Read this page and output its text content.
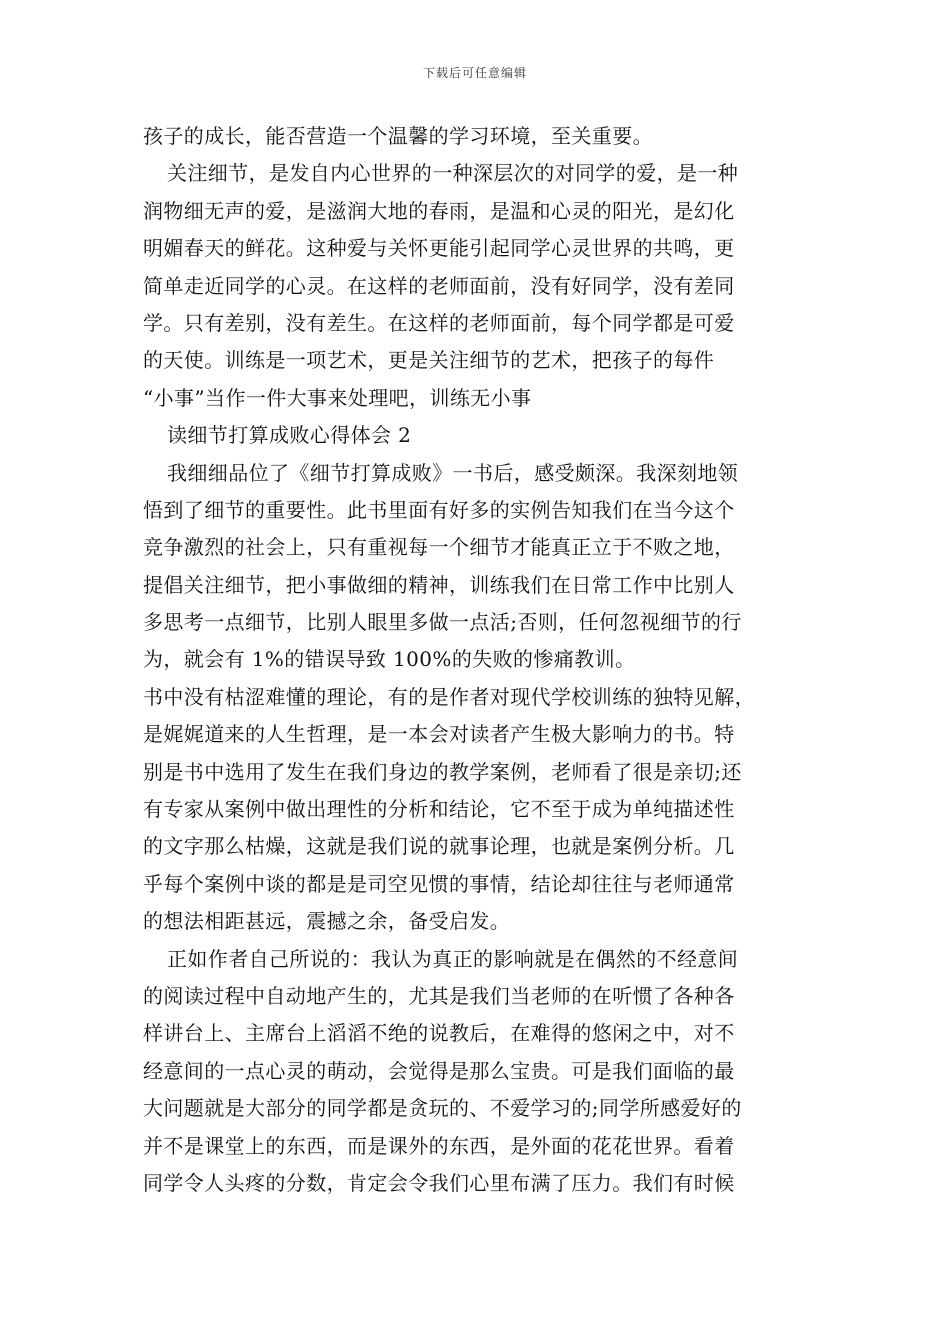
下载后可任意编辑
孩子的成长，能否营造一个温馨的学习环境，至关重要。
关注细节，是发自内心世界的一种深层次的对同学的爱，是一种
润物细无声的爱，是滋润大地的春雨，是温和心灵的阳光，是幻化
明媚春天的鲜花。这种爱与关怀更能引起同学心灵世界的共鸣，更
简单走近同学的心灵。在这样的老师面前，没有好同学，没有差同
学。只有差别，没有差生。在这样的老师面前，每个同学都是可爱
的天使。训练是一项艺术，更是关注细节的艺术，把孩子的每件
“小事”当作一件大事来处理吧，训练无小事
读细节打算成败心得体会 2
我细细品位了《细节打算成败》一书后，感受颇深。我深刻地领
悟到了细节的重要性。此书里面有好多的实例告知我们在当今这个
竞争激烈的社会上，只有重视每一个细节才能真正立于不败之地，
提倡关注细节，把小事做细的精神，训练我们在日常工作中比别人
多思考一点细节，比别人眼里多做一点活;否则，任何忽视细节的行
为，就会有 1%的错误导致 100%的失败的惨痛教训。
书中没有枯涩难懂的理论，有的是作者对现代学校训练的独特见解，
是娓娓道来的人生哲理，是一本会对读者产生极大影响力的书。特
别是书中选用了发生在我们身边的教学案例，老师看了很是亲切;还
有专家从案例中做出理性的分析和结论，它不至于成为单纯描述性
的文字那么枯燥，这就是我们说的就事论理，也就是案例分析。几
乎每个案例中谈的都是是司空见惯的事情，结论却往往与老师通常
的想法相距甚远，震撼之余，备受启发。
正如作者自己所说的：我认为真正的影响就是在偶然的不经意间
的阅读过程中自动地产生的，尤其是我们当老师的在听惯了各种各
样讲台上、主席台上滔滔不绝的说教后，在难得的悠闲之中，对不
经意间的一点心灵的萌动，会觉得是那么宝贵。可是我们面临的最
大问题就是大部分的同学都是贪玩的、不爱学习的;同学所感爱好的
并不是课堂上的东西，而是课外的东西，是外面的花花世界。看着
同学令人头疼的分数，肯定会令我们心里布满了压力。我们有时候
